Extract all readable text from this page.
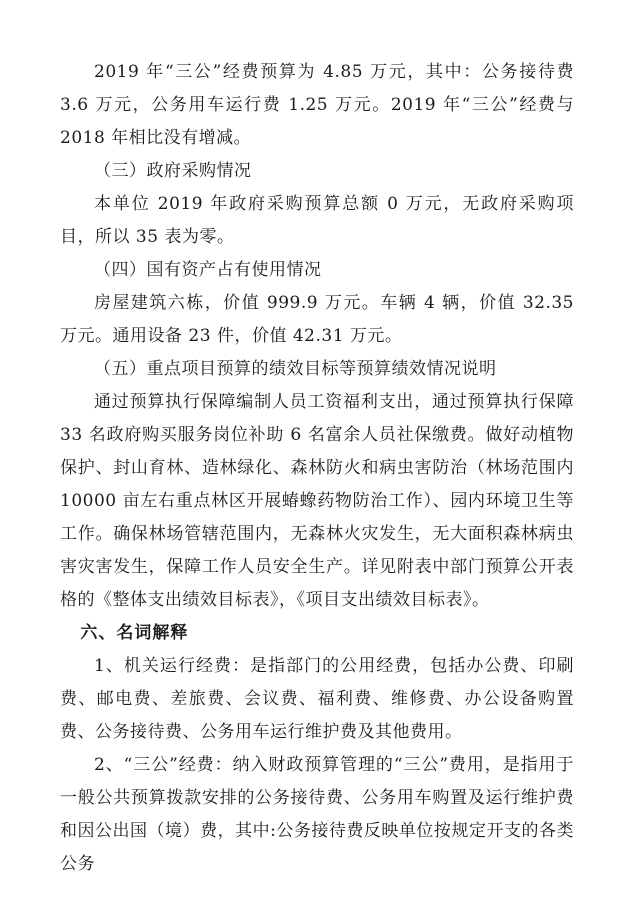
2019 年“三公”经费预算为 4.85 万元，其中：公务接待费 3.6 万元，公务用车运行费 1.25 万元。2019 年“三公”经费与 2018 年相比没有增减。

（三）政府采购情况

本单位 2019 年政府采购预算总额 0 万元，无政府采购项目，所以 35 表为零。

（四）国有资产占有使用情况

房屋建筑六栋，价值 999.9 万元。车辆 4 辆，价值 32.35 万元。通用设备 23 件，价值 42.31 万元。

（五）重点项目预算的绩效目标等预算绩效情况说明

通过预算执行保障编制人员工资福利支出，通过预算执行保障 33 名政府购买服务岗位补助 6 名富余人员社保缴费。做好动植物保护、封山育林、造林绿化、森林防火和病虫害防治（林场范围内 10000 亩左右重点林区开展蝽蟓药物防治工作）、园内环境卫生等工作。确保林场管辖范围内，无森林火灾发生，无大面积森林病虫害灾害发生，保障工作人员安全生产。详见附表中部门预算公开表格的《整体支出绩效目标表》，《项目支出绩效目标表》。

六、名词解释

1、机关运行经费：是指部门的公用经费，包括办公费、印刷费、邮电费、差旅费、会议费、福利费、维修费、办公设备购置费、公务接待费、公务用车运行维护费及其他费用。

2、“三公”经费：纳入财政预算管理的“三公”费用，是指用于一般公共预算拨款安排的公务接待费、公务用车购置及运行维护费和因公出国（境）费，其中:公务接待费反映单位按规定开支的各类公务
